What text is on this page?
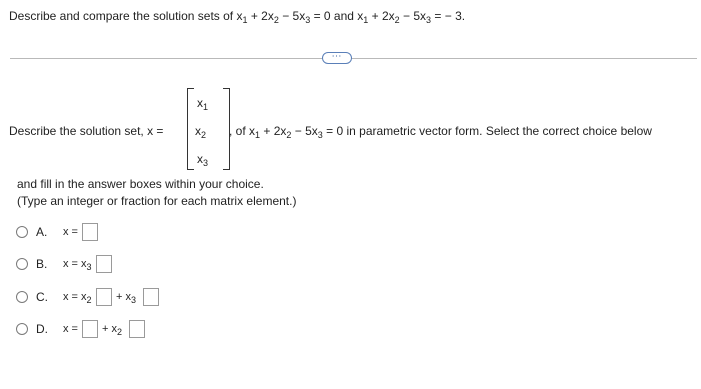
Describe and compare the solution sets of $x_1 + 2x_2 - 5x_3 = 0$ and $x_1 + 2x_2 - 5x_3$ = − 3.
⋯
Describe the solution set, x =
$x_1$
$x_2$
$x_3$
, of $x_1 + 2x_2 - 5x_3 = 0$ in parametric vector form. Select the correct choice below
and fill in the answer boxes within your choice.
(Type an integer or fraction for each matrix element.)
A. x =
B. $x = x_3$
C. $x = x_2 + x_3$
D. x = + $x_2$
